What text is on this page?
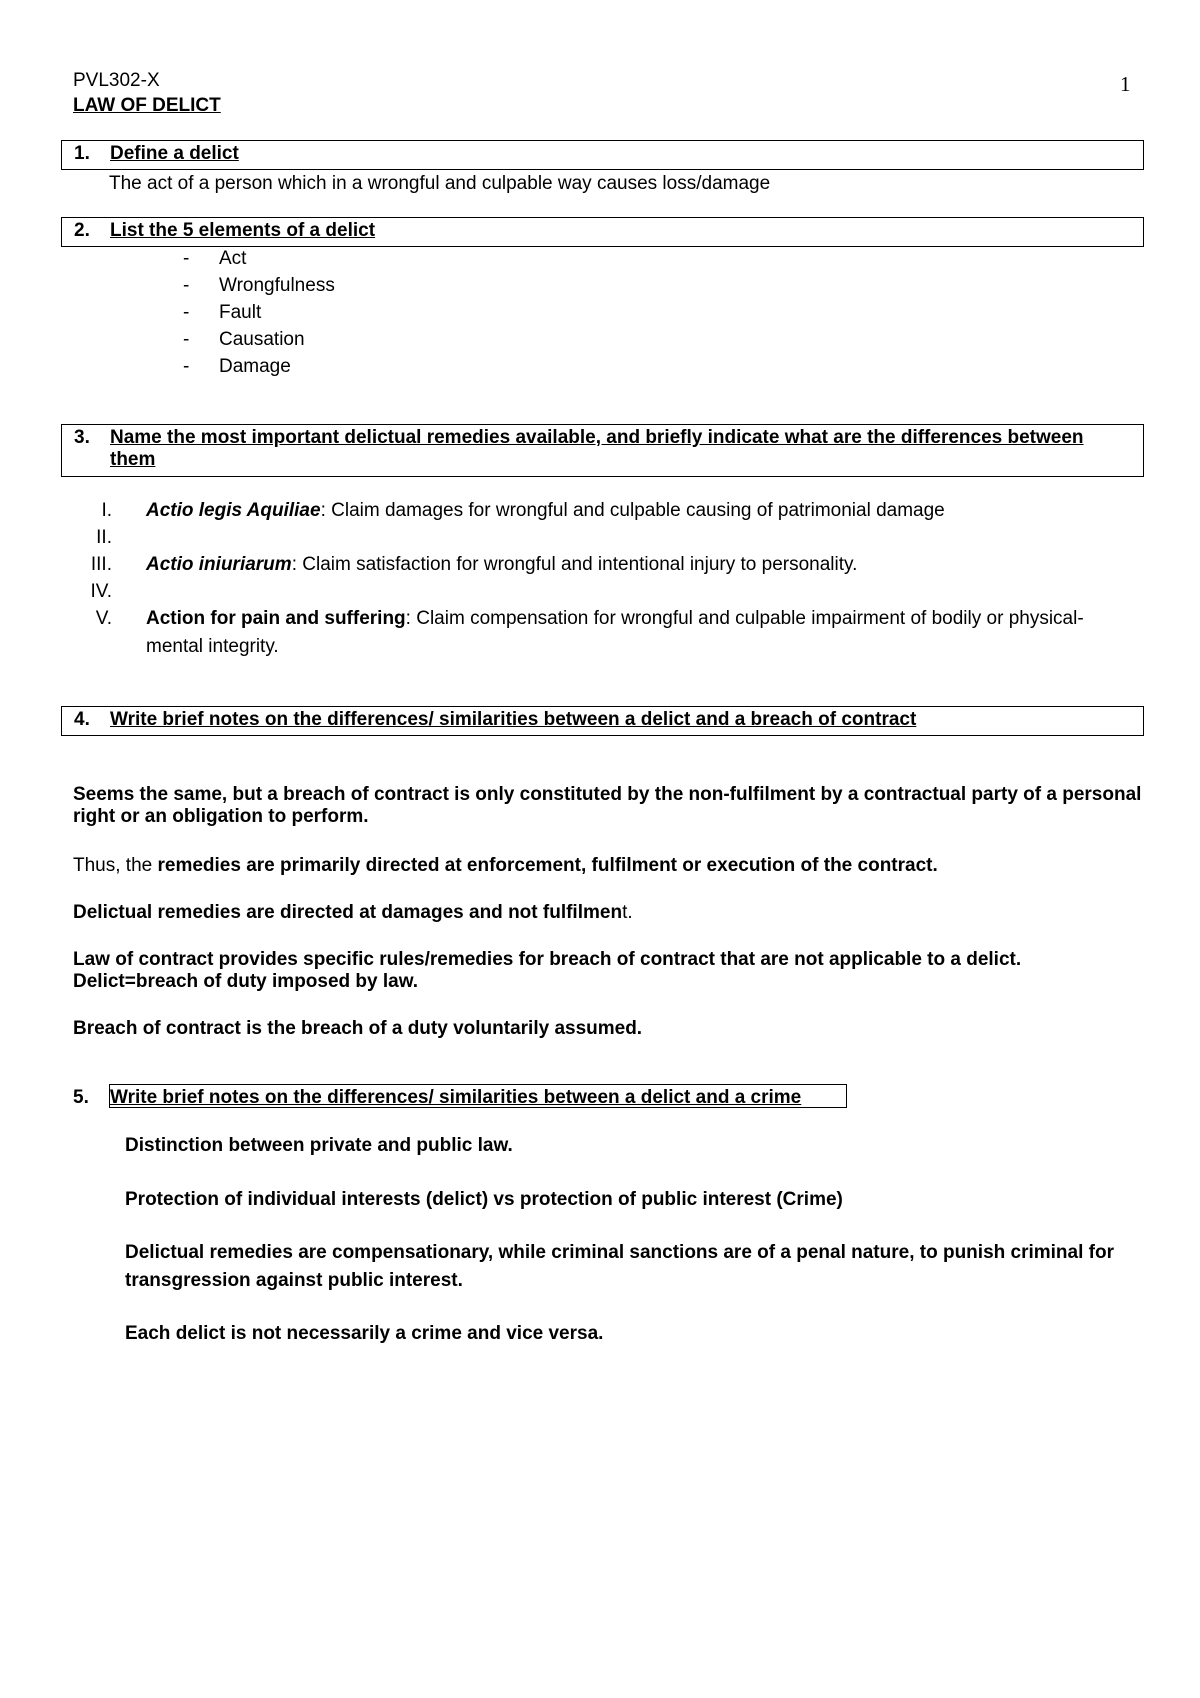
PVL302-X	1
LAW OF DELICT
1. Define a delict
The act of a person which in a wrongful and culpable way causes loss/damage
2. List the 5 elements of a delict
- Act
- Wrongfulness
- Fault
- Causation
- Damage
3. Name the most important delictual remedies available, and briefly indicate what are the differences between them
I. Actio legis Aquiliae: Claim damages for wrongful and culpable causing of patrimonial damage
II.
III. Actio iniuriarum: Claim satisfaction for wrongful and intentional injury to personality.
IV.
V. Action for pain and suffering: Claim compensation for wrongful and culpable impairment of bodily or physical-mental integrity.
4. Write brief notes on the differences/ similarities between a delict and a breach of contract
Seems the same, but a breach of contract is only constituted by the non-fulfilment by a contractual party of a personal right or an obligation to perform.
Thus, the remedies are primarily directed at enforcement, fulfilment or execution of the contract.
Delictual remedies are directed at damages and not fulfilment.
Law of contract provides specific rules/remedies for breach of contract that are not applicable to a delict.
Delict=breach of duty imposed by law.
Breach of contract is the breach of a duty voluntarily assumed.
5. Write brief notes on the differences/ similarities between a delict and a crime
Distinction between private and public law.
Protection of individual interests (delict) vs protection of public interest (Crime)
Delictual remedies are compensationary, while criminal sanctions are of a penal nature, to punish criminal for transgression against public interest.
Each delict is not necessarily a crime and vice versa.
